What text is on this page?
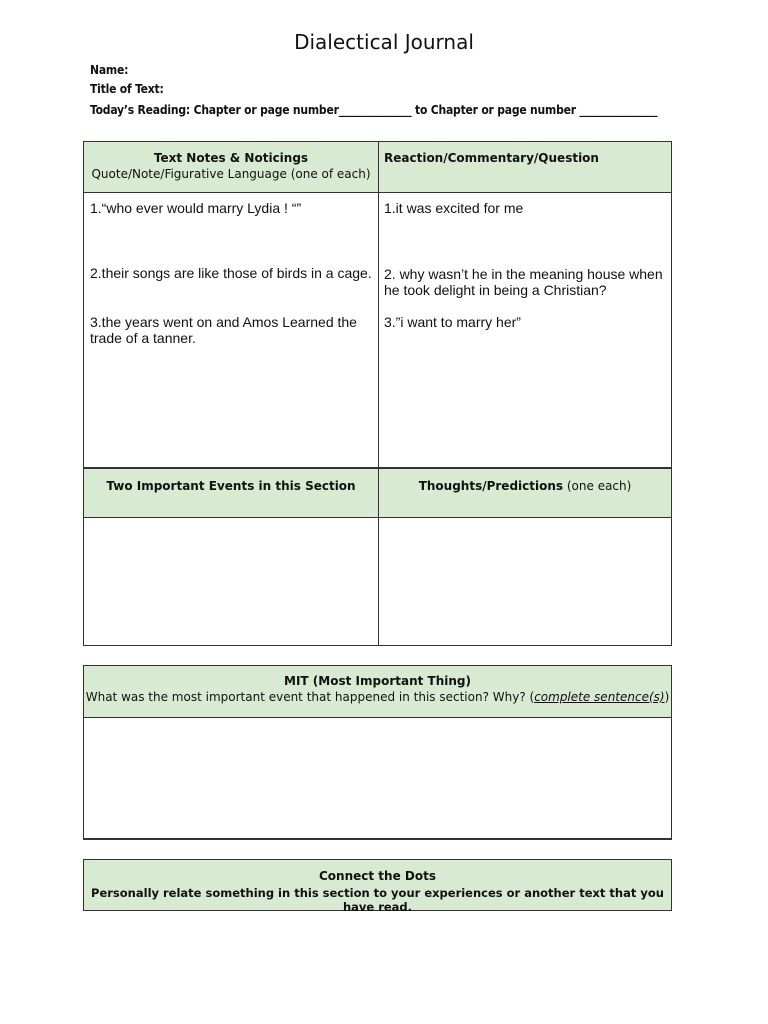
Dialectical Journal
Name:
Title of Text:
Today’s Reading: Chapter or page number______________ to Chapter or page number _______________
Text Notes & Noticings
Quote/Note/Figurative Language (one of each)
Reaction/Commentary/Question
1.“who ever would marry Lydia ! “”
2.their songs are like those of birds in a cage.
3.the years went on and Amos Learned the trade of a tanner.
1.it was excited for me
2. why wasn’t he in the meaning house when he took delight in being a Christian?
3.”i want to marry her”
Two Important Events in this Section	Thoughts/Predictions (one each)
MIT (Most Important Thing)
What was the most important event that happened in this section? Why? (complete sentence(s))
Connect the Dots
Personally relate something in this section to your experiences or another text that you have read.
